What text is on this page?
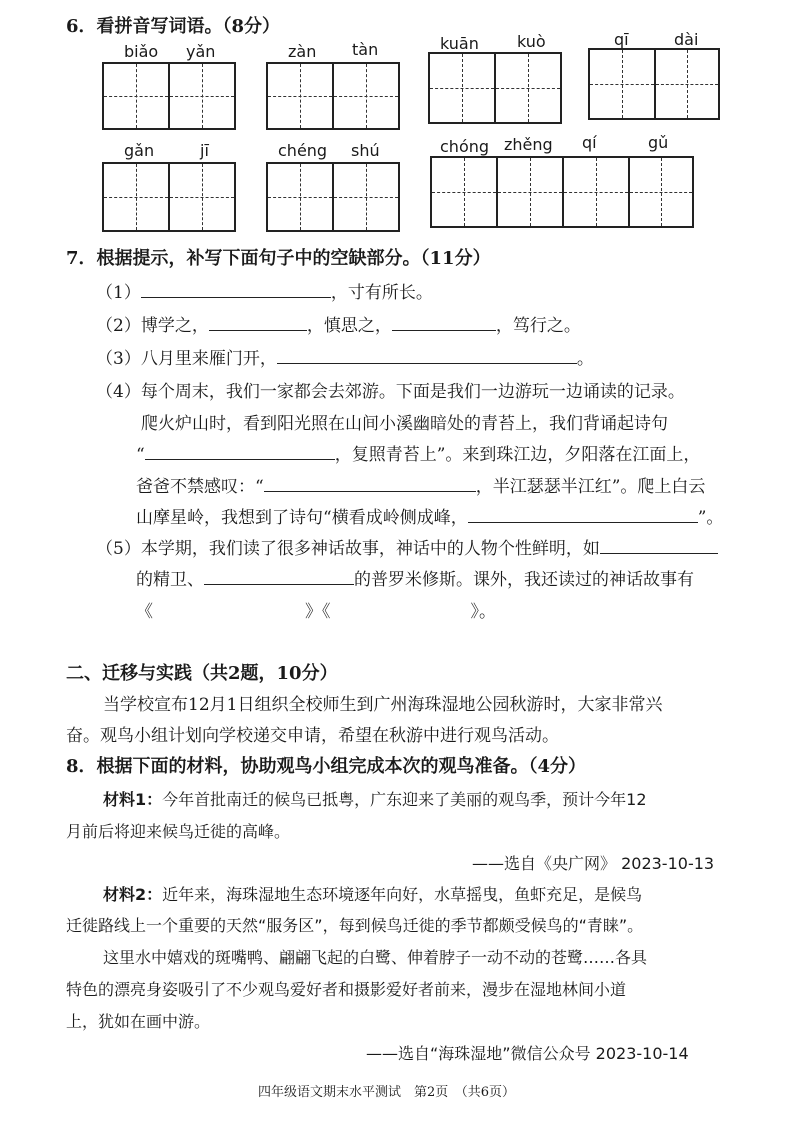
6．看拼音写词语。（8分）
biǎo yǎn	zàn tàn	kuān kuò	qī	dài
gǎn	jī	chéng shú	chóng zhěng qí	gǔ
7．根据提示，补写下面句子中的空缺部分。（11分）
（1）	，寸有所长。
（2）博学之，	，慎思之，	，笃行之。
（3）八月里来雁门开，	。
（4）每个周末，我们一家都会去郊游。下面是我们一边游玩一边诵读的记录。
爬火炉山时，看到阳光照在山间小溪幽暗处的青苔上，我们背诵起诗句
“	，复照青苔上”。来到珠江边，夕阳落在江面上，
爸爸不禁感叹：“	，半江瑟瑟半江红”。爬上白云
山摩星岭，我想到了诗句“横看成岭侧成峰，	”。
（5）本学期，我们读了很多神话故事，神话中的人物个性鲜明，如
的精卫、	的普罗米修斯。课外，我还读过的神话故事有
《	》《	》。
二、迁移与实践（共2题，10分）
当学校宣布12月1日组织全校师生到广州海珠湿地公园秋游时，大家非常兴
奋。观鸟小组计划向学校递交申请，希望在秋游中进行观鸟活动。
8．根据下面的材料，协助观鸟小组完成本次的观鸟准备。（4分）
材料1：今年首批南迁的候鸟已抵粤，广东迎来了美丽的观鸟季，预计今年12
月前后将迎来候鸟迁徙的高峰。
——选自《央广网》 2023-10-13
材料2：近年来，海珠湿地生态环境逐年向好，水草摇曳，鱼虾充足，是候鸟
迁徙路线上一个重要的天然“服务区”，每到候鸟迁徙的季节都颇受候鸟的“青睐”。
这里水中嬉戏的斑嘴鸭、翩翩飞起的白鹭、伸着脖子一动不动的苍鹭……各具
特色的漂亮身姿吸引了不少观鸟爱好者和摄影爱好者前来，漫步在湿地林间小道
上，犹如在画中游。
——选自“海珠湿地”微信公众号 2023-10-14
四年级语文期末水平测试　第2页　（共6页）
